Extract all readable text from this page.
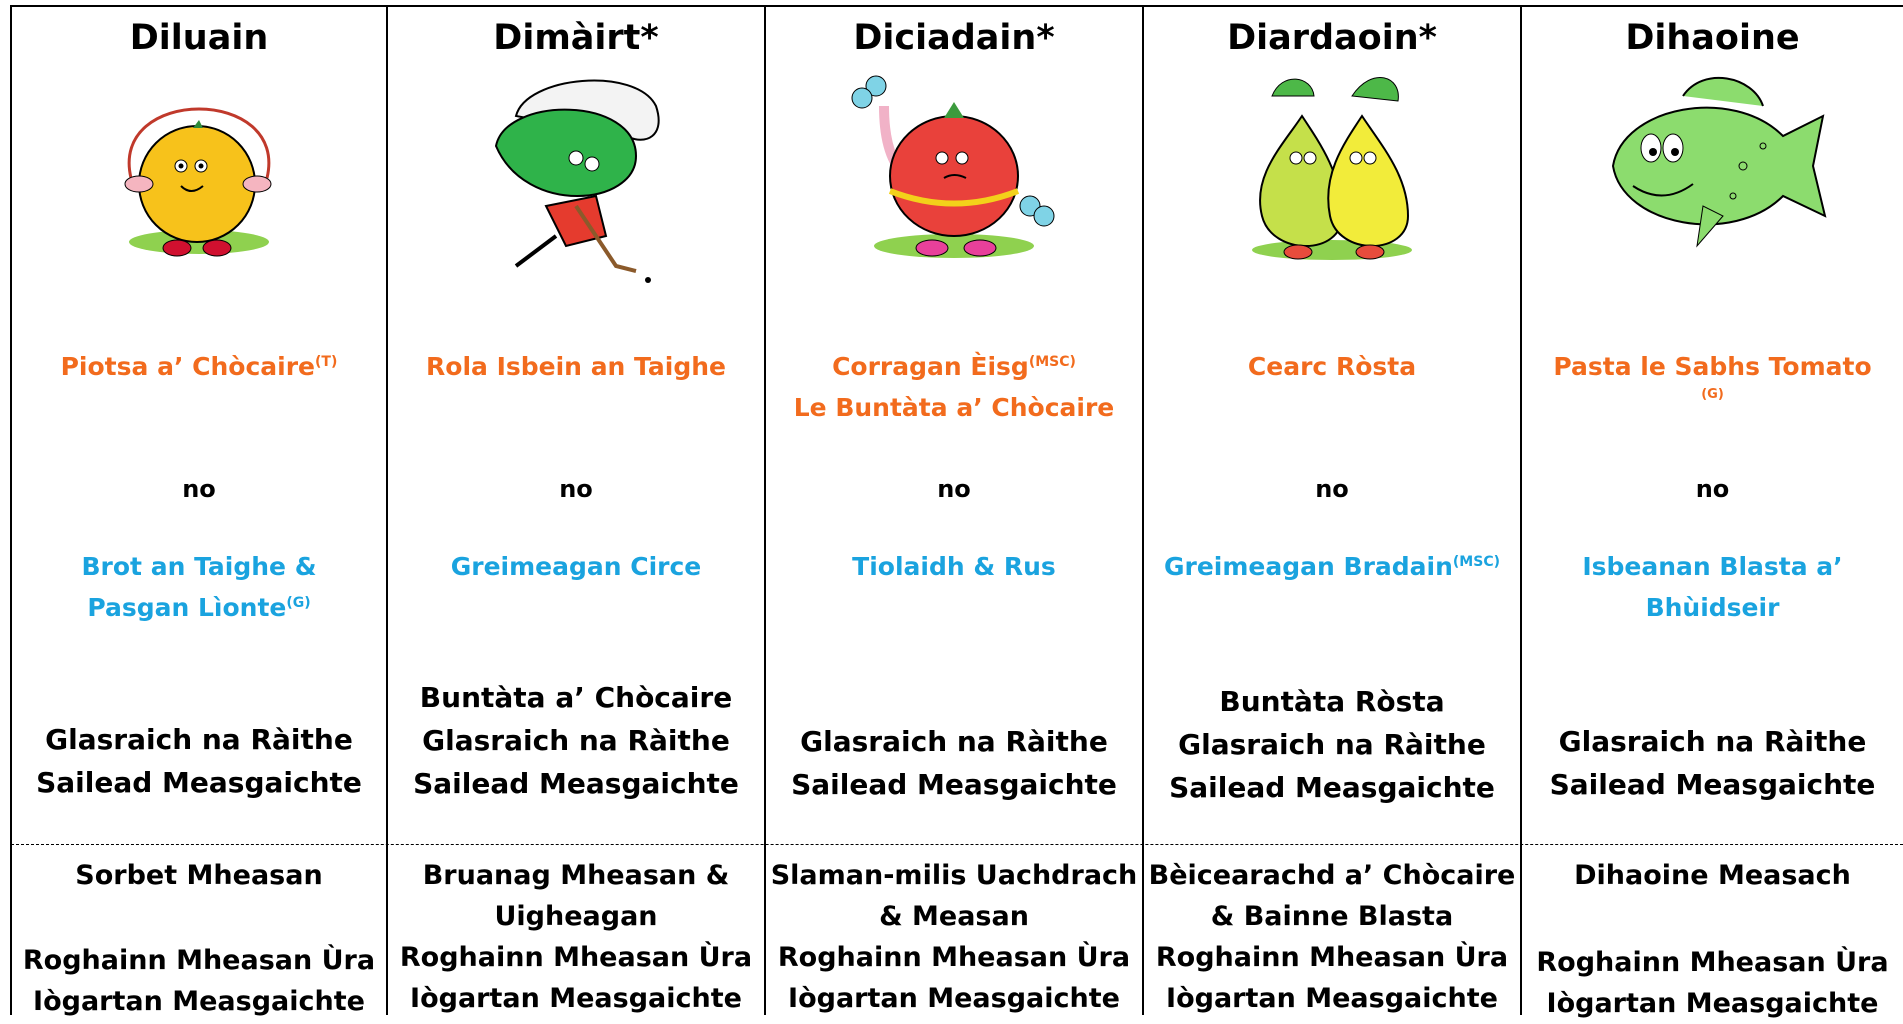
Diluain
Piotsa a’ Chòcaire$^{(T)}$
no
Brot an Taighe &
Pasgan Lìonte$^{(G)}$
Glasraich na Ràithe
Sailead Measgaichte
Sorbet Mheasan
Roghainn Mheasan Ùra
Iògartan Measgaichte
Dimàirt*
Rola Isbein an Taighe
no
Greimeagan Circe
Buntàta a’ Chòcaire
Glasraich na Ràithe
Sailead Measgaichte
Bruanag Mheasan &
Uigheagan
Roghainn Mheasan Ùra
Iògartan Measgaichte
Diciadain*
Corragan Èisg$^{(MSC)}$
Le Buntàta a’ Chòcaire
no
Tiolaidh & Rus
Glasraich na Ràithe
Sailead Measgaichte
Slaman-milis Uachdrach
& Measan
Roghainn Mheasan Ùra
Iògartan Measgaichte
Diardaoin*
Cearc Ròsta
no
Greimeagan Bradain$^{(MSC)}$
Buntàta Ròsta
Glasraich na Ràithe
Sailead Measgaichte
Bèicearachd a’ Chòcaire
& Bainne Blasta
Roghainn Mheasan Ùra
Iògartan Measgaichte
Dihaoine
Pasta le Sabhs Tomato
(G)
no
Isbeanan Blasta a’
Bhùidseir
Glasraich na Ràithe
Sailead Measgaichte
Dihaoine Measach
Roghainn Mheasan Ùra
Iògartan Measgaichte
